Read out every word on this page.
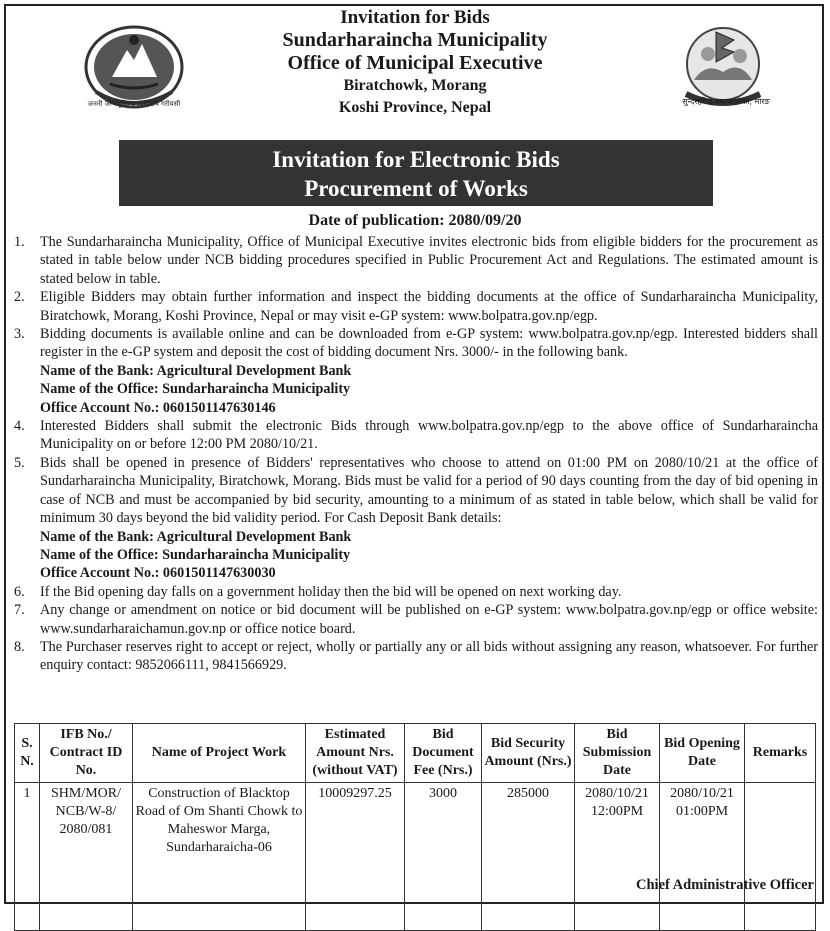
जननी जन्मभूमिश्च स्वर्गादपि गरीयसी	सुन्दरहरैंचा नगरपालिका, मोरङ
Invitation for Bids
Sundarharaincha Municipality
Office of Municipal Executive
Biratchowk, Morang
Koshi Province, Nepal
Invitation for Electronic Bids
Procurement of Works
Date of publication: 2080/09/20
1. The Sundarharaincha Municipality, Office of Municipal Executive invites electronic bids from eligible bidders for the procurement as stated in table below under NCB bidding procedures specified in Public Procurement Act and Regulations. The estimated amount is stated below in table.
2. Eligible Bidders may obtain further information and inspect the bidding documents at the office of Sundarharaincha Municipality, Biratchowk, Morang, Koshi Province, Nepal or may visit e-GP system: www.bolpatra.gov.np/egp.
3. Bidding documents is available online and can be downloaded from e-GP system: www.bolpatra.gov.np/egp. Interested bidders shall register in the e-GP system and deposit the cost of bidding document Nrs. 3000/- in the following bank.
Name of the Bank: Agricultural Development Bank
Name of the Office: Sundarharaincha Municipality
Office Account No.: 0601501147630146
4. Interested Bidders shall submit the electronic Bids through www.bolpatra.gov.np/egp to the above office of Sundarharaincha Municipality on or before 12:00 PM 2080/10/21.
5. Bids shall be opened in presence of Bidders' representatives who choose to attend on 01:00 PM on 2080/10/21 at the office of Sundarharaincha Municipality, Biratchowk, Morang. Bids must be valid for a period of 90 days counting from the day of bid opening in case of NCB and must be accompanied by bid security, amounting to a minimum of as stated in table below, which shall be valid for minimum 30 days beyond the bid validity period. For Cash Deposit Bank details:
Name of the Bank: Agricultural Development Bank
Name of the Office: Sundarharaincha Municipality
Office Account No.: 0601501147630030
6. If the Bid opening day falls on a government holiday then the bid will be opened on next working day.
7. Any change or amendment on notice or bid document will be published on e-GP system: www.bolpatra.gov.np/egp or office website: www.sundarharaichamun.gov.np or office notice board.
8. The Purchaser reserves right to accept or reject, wholly or partially any or all bids without assigning any reason, whatsoever. For further enquiry contact: 9852066111, 9841566929.
S. N.	IFB No./ Contract ID No.	Name of Project Work	Estimated Amount Nrs. (without VAT)	Bid Document Fee (Nrs.)	Bid Security Amount (Nrs.)	Bid Submission Date	Bid Opening Date	Remarks
1	SHM/MOR/ NCB/W-8/ 2080/081	Construction of Blacktop Road of Om Shanti Chowk to Maheswor Marga, Sundarharaicha-06	10009297.25	3000	285000	2080/10/21 12:00PM	2080/10/21 01:00PM	
Chief Administrative Officer
